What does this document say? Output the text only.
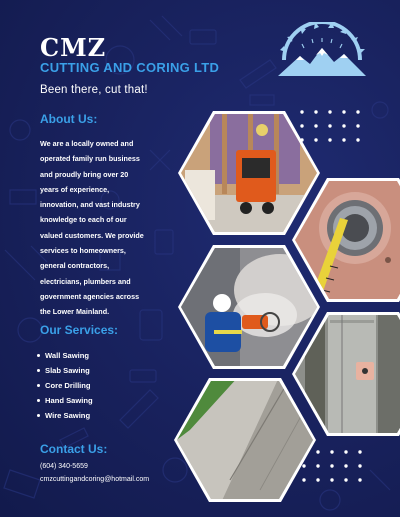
CMZ
CUTTING AND CORING LTD
Been there, cut that!
About Us:
We are a locally owned and
operated family run business
and proudly bring over 20
years of experience,
innovation, and vast industry
knowledge to each of our
valued customers. We provide
services to homeowners,
general contractors,
electricians, plumbers and
government agencies across
the Lower Mainland.
Our Services:
Wall Sawing
Slab Sawing
Core Drilling
Hand Sawing
Wire Sawing
Contact Us:
(604) 340-5659
cmzcuttingandcoring@hotmail.com
